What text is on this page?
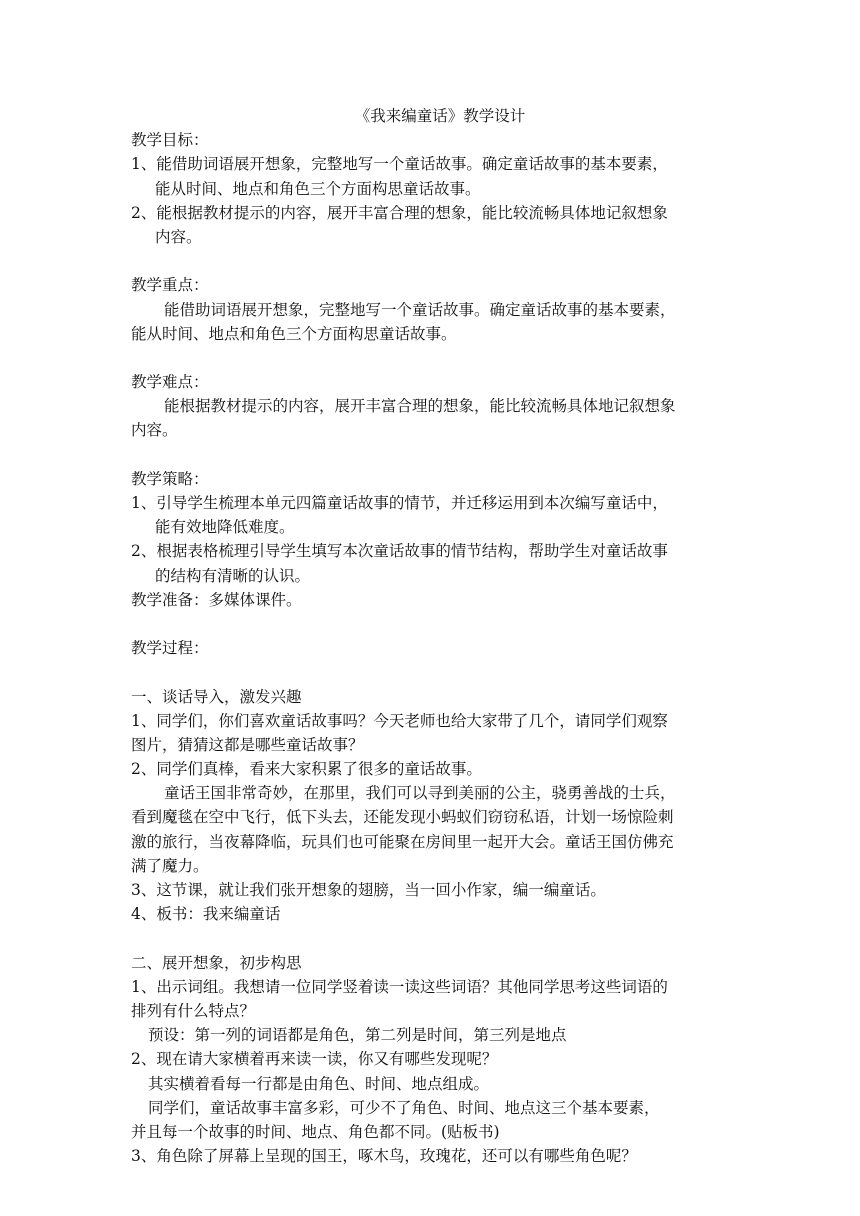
《我来编童话》教学设计
教学目标：
1、能借助词语展开想象，完整地写一个童话故事。确定童话故事的基本要素，
能从时间、地点和角色三个方面构思童话故事。
2、能根据教材提示的内容，展开丰富合理的想象，能比较流畅具体地记叙想象
内容。
教学重点：
能借助词语展开想象，完整地写一个童话故事。确定童话故事的基本要素，
能从时间、地点和角色三个方面构思童话故事。
教学难点：
能根据教材提示的内容，展开丰富合理的想象，能比较流畅具体地记叙想象
内容。
教学策略：
1、引导学生梳理本单元四篇童话故事的情节，并迁移运用到本次编写童话中，
能有效地降低难度。
2、根据表格梳理引导学生填写本次童话故事的情节结构，帮助学生对童话故事
的结构有清晰的认识。
教学准备：多媒体课件。
教学过程：
一、谈话导入，激发兴趣
1、同学们，你们喜欢童话故事吗？今天老师也给大家带了几个，请同学们观察
图片，猜猜这都是哪些童话故事？
2、同学们真棒，看来大家积累了很多的童话故事。
童话王国非常奇妙，在那里，我们可以寻到美丽的公主，骁勇善战的士兵，
看到魔毯在空中飞行，低下头去，还能发现小蚂蚁们窃窃私语，计划一场惊险刺
激的旅行，当夜幕降临，玩具们也可能聚在房间里一起开大会。童话王国仿佛充
满了魔力。
3、这节课，就让我们张开想象的翅膀，当一回小作家，编一编童话。
4、板书：我来编童话
二、展开想象，初步构思
1、出示词组。我想请一位同学竖着读一读这些词语？其他同学思考这些词语的
排列有什么特点？
预设：第一列的词语都是角色，第二列是时间，第三列是地点
2、现在请大家横着再来读一读，你又有哪些发现呢？
其实横着看每一行都是由角色、时间、地点组成。
同学们，童话故事丰富多彩，可少不了角色、时间、地点这三个基本要素，
并且每一个故事的时间、地点、角色都不同。(贴板书)
3、角色除了屏幕上呈现的国王，啄木鸟，玫瑰花，还可以有哪些角色呢？
